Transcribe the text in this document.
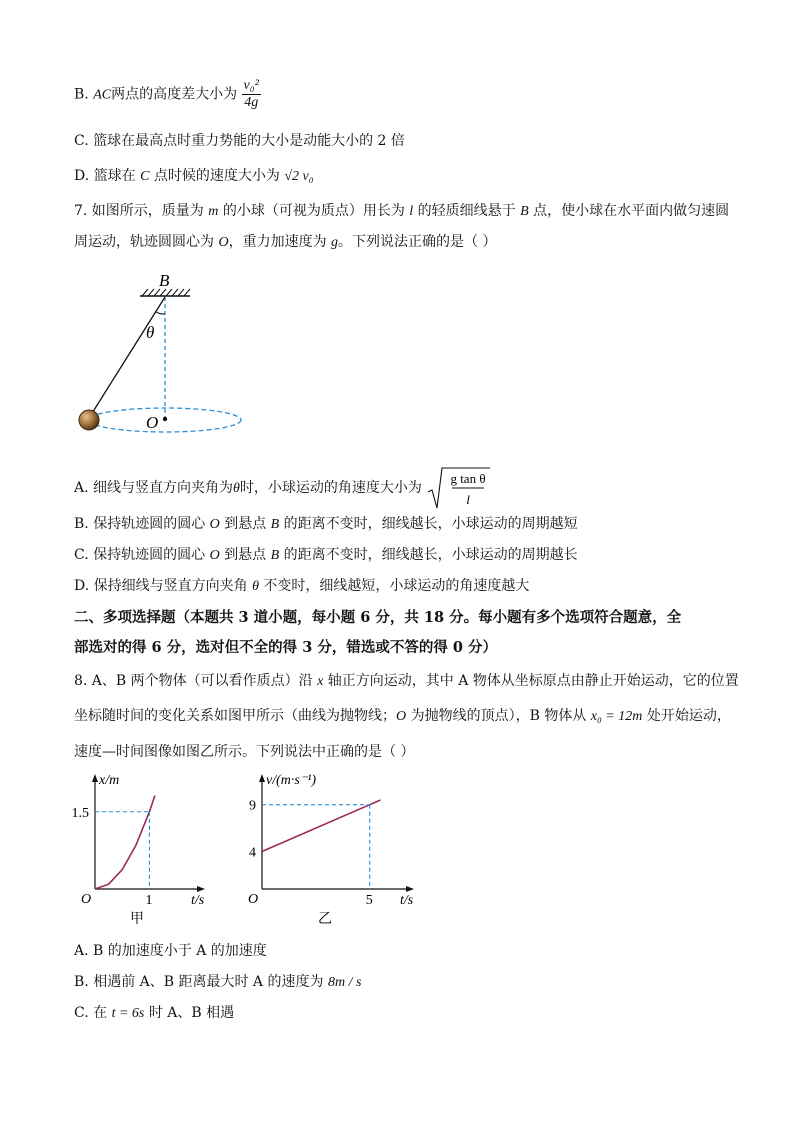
B. AC两点的高度差大小为 $\frac{\text{v₀²}}{4g}$
C. 篮球在最高点时重力势能的大小是动能大小的 2 倍
D. 篮球在 C 点时候的速度大小为 √2 v₀
7. 如图所示，质量为 m 的小球（可视为质点）用长为 l 的轻质细线悬于 B 点，使小球在水平面内做匀速圆
周运动，轨迹圆圆心为 O，重力加速度为 g。下列说法正确的是（ ）
B
θ
O
A. 细线与竖直方向夹角为θ时，小球运动的角速度大小为
g tan θ
l
B. 保持轨迹圆的圆心 O 到悬点 B 的距离不变时，细线越长，小球运动的周期越短
C. 保持轨迹圆的圆心 O 到悬点 B 的距离不变时，细线越长，小球运动的周期越长
D. 保持细线与竖直方向夹角 θ 不变时，细线越短，小球运动的角速度越大
二、多项选择题（本题共 3 道小题，每小题 6 分，共 18 分。每小题有多个选项符合题意，全
部选对的得 6 分，选对但不全的得 3 分，错选或不答的得 0 分）
8. A、B 两个物体（可以看作质点）沿 x 轴正方向运动，其中 A 物体从坐标原点由静止开始运动，它的位置
坐标随时间的变化关系如图甲所示（曲线为抛物线；O 为抛物线的顶点），B 物体从 x₀ = 12m 处开始运动，
速度—时间图像如图乙所示。下列说法中正确的是（ ）
t/s
x/m
O	1
1.5
甲
t/s
v/(m·s⁻¹)
O	5
4
9
乙
A. B 的加速度小于 A 的加速度
B. 相遇前 A、B 距离最大时 A 的速度为 8m / s
C. 在 t = 6s 时 A、B 相遇
